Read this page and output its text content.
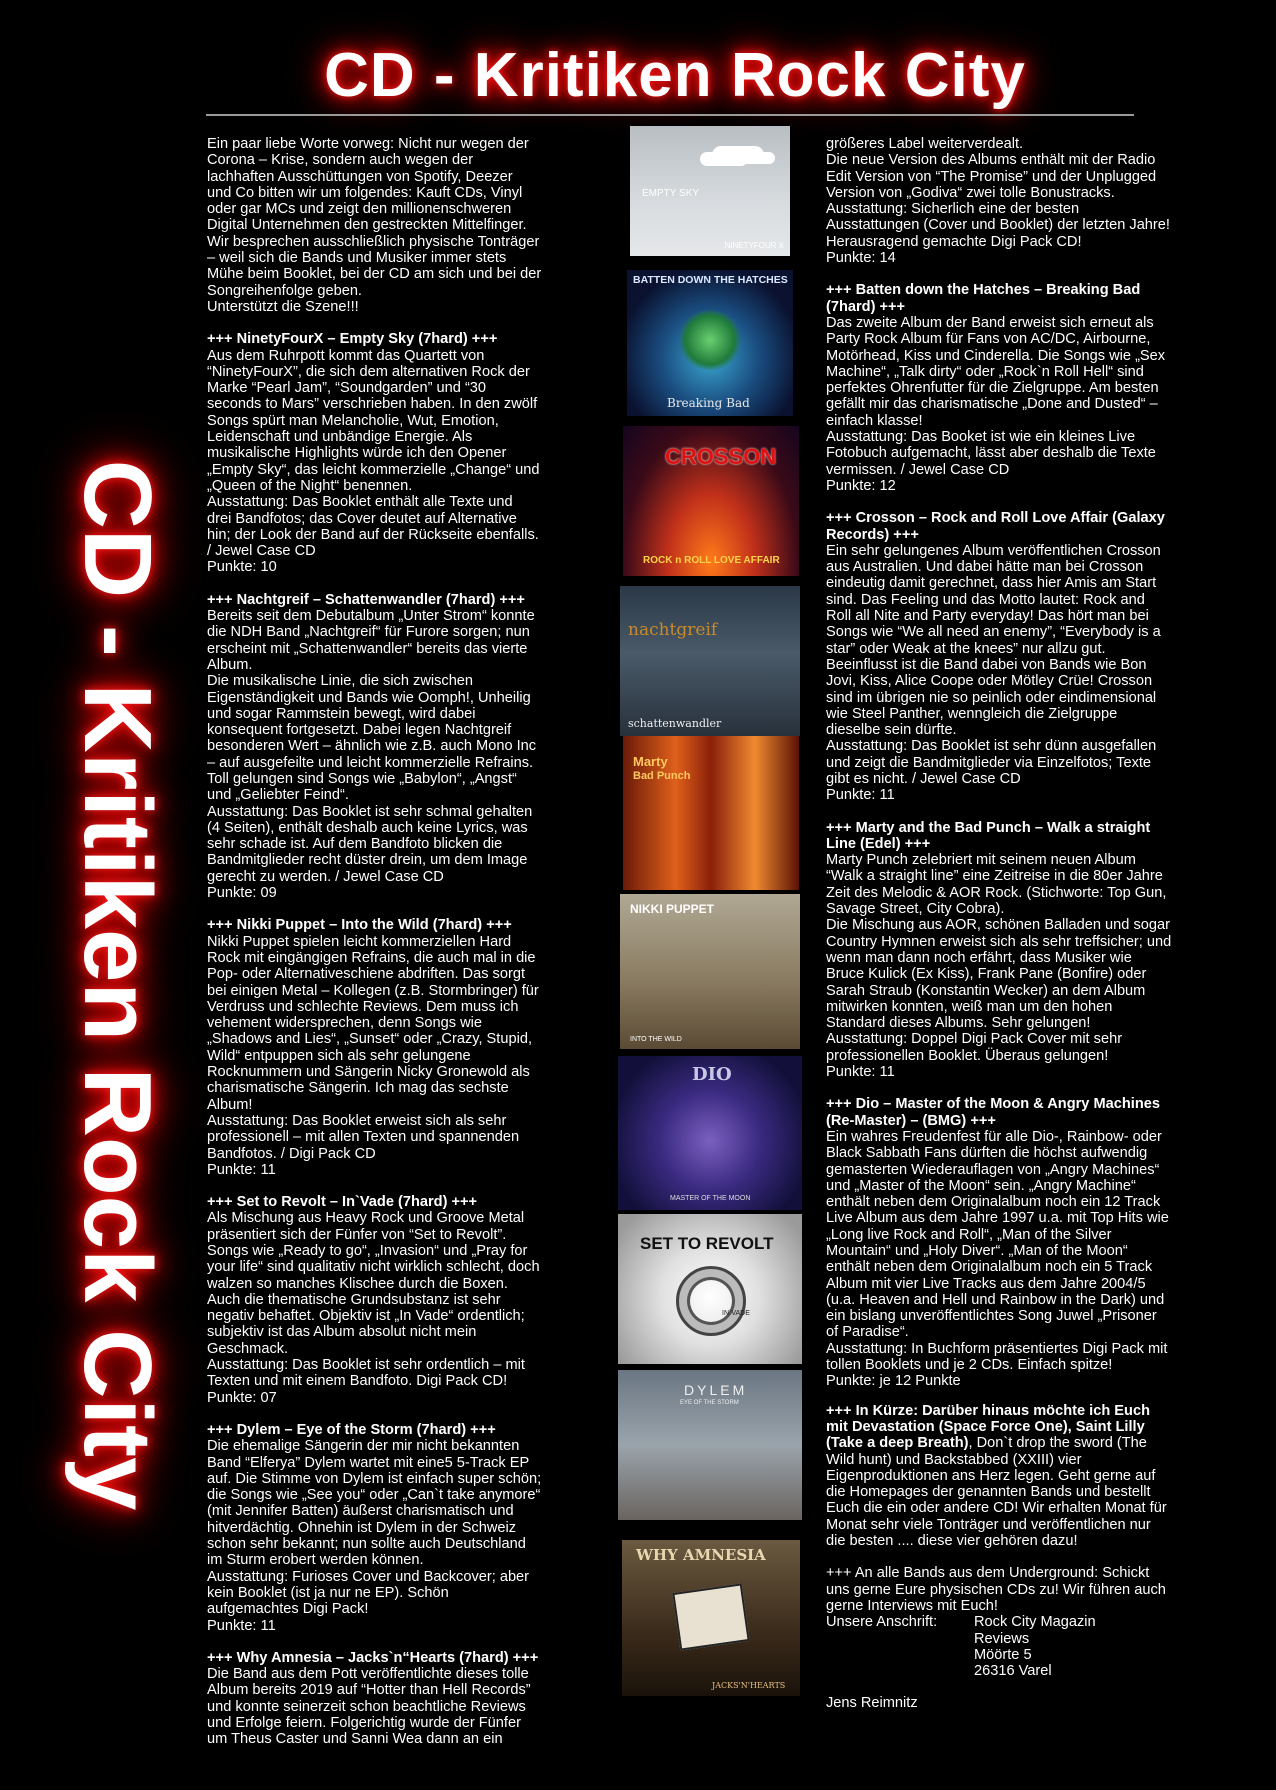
CD - Kritiken Rock City
CD - Kritiken Rock City

Ein paar liebe Worte vorweg: Nicht nur wegen der
Corona – Krise, sondern auch wegen der
lachhaften Ausschüttungen von Spotify, Deezer
und Co bitten wir um folgendes: Kauft CDs, Vinyl
oder gar MCs und zeigt den millionenschweren
Digital Unternehmen den gestreckten Mittelfinger.
Wir besprechen ausschließlich physische Tonträger
– weil sich die Bands und Musiker immer stets
Mühe beim Booklet, bei der CD am sich und bei der
Songreihenfolge geben.
Unterstützt die Szene!!!

+++ NinetyFourX – Empty Sky (7hard) +++
Aus dem Ruhrpott kommt das Quartett von
“NinetyFourX”, die sich dem alternativen Rock der
Marke “Pearl Jam”, “Soundgarden” und “30
seconds to Mars” verschrieben haben. In den zwölf
Songs spürt man Melancholie, Wut, Emotion,
Leidenschaft und unbändige Energie. Als
musikalische Highlights würde ich den Opener
„Empty Sky“, das leicht kommerzielle „Change“ und
„Queen of the Night“ benennen.
Ausstattung: Das Booklet enthält alle Texte und
drei Bandfotos; das Cover deutet auf Alternative
hin; der Look der Band auf der Rückseite ebenfalls.
/ Jewel Case CD
Punkte: 10

+++ Nachtgreif – Schattenwandler (7hard) +++
Bereits seit dem Debutalbum „Unter Strom“ konnte
die NDH Band „Nachtgreif“ für Furore sorgen; nun
erscheint mit „Schattenwandler“ bereits das vierte
Album.
Die musikalische Linie, die sich zwischen
Eigenständigkeit und Bands wie Oomph!, Unheilig
und sogar Rammstein bewegt, wird dabei
konsequent fortgesetzt. Dabei legen Nachtgreif
besonderen Wert – ähnlich wie z.B. auch Mono Inc
– auf ausgefeilte und leicht kommerzielle Refrains.
Toll gelungen sind Songs wie „Babylon“, „Angst“
und „Geliebter Feind“.
Ausstattung: Das Booklet ist sehr schmal gehalten
(4 Seiten), enthält deshalb auch keine Lyrics, was
sehr schade ist. Auf dem Bandfoto blicken die
Bandmitglieder recht düster drein, um dem Image
gerecht zu werden. / Jewel Case CD
Punkte: 09

+++ Nikki Puppet – Into the Wild (7hard) +++
Nikki Puppet spielen leicht kommerziellen Hard
Rock mit eingängigen Refrains, die auch mal in die
Pop- oder Alternativeschiene abdriften. Das sorgt
bei einigen Metal – Kollegen (z.B. Stormbringer) für
Verdruss und schlechte Reviews. Dem muss ich
vehement widersprechen, denn Songs wie
„Shadows and Lies“, „Sunset“ oder „Crazy, Stupid,
Wild“ entpuppen sich als sehr gelungene
Rocknummern und Sängerin Nicky Gronewold als
charismatische Sängerin. Ich mag das sechste
Album!
Ausstattung: Das Booklet erweist sich als sehr
professionell – mit allen Texten und spannenden
Bandfotos. / Digi Pack CD
Punkte: 11

+++ Set to Revolt – In`Vade (7hard) +++
Als Mischung aus Heavy Rock und Groove Metal
präsentiert sich der Fünfer von “Set to Revolt”.
Songs wie „Ready to go“, „Invasion“ und „Pray for
your life“ sind qualitativ nicht wirklich schlecht, doch
walzen so manches Klischee durch die Boxen.
Auch die thematische Grundsubstanz ist sehr
negativ behaftet. Objektiv ist „In Vade“ ordentlich;
subjektiv ist das Album absolut nicht mein
Geschmack.
Ausstattung: Das Booklet ist sehr ordentlich – mit
Texten und mit einem Bandfoto. Digi Pack CD!
Punkte: 07

+++ Dylem – Eye of the Storm (7hard) +++
Die ehemalige Sängerin der mir nicht bekannten
Band “Elferya” Dylem wartet mit eine5 5-Track EP
auf. Die Stimme von Dylem ist einfach super schön;
die Songs wie „See you“ oder „Can`t take anymore“
(mit Jennifer Batten) äußerst charismatisch und
hitverdächtig. Ohnehin ist Dylem in der Schweiz
schon sehr bekannt; nun sollte auch Deutschland
im Sturm erobert werden können.
Ausstattung: Furioses Cover und Backcover; aber
kein Booklet (ist ja nur ne EP). Schön
aufgemachtes Digi Pack!
Punkte: 11

+++ Why Amnesia – Jacks`n“Hearts (7hard) +++
Die Band aus dem Pott veröffentlichte dieses tolle
Album bereits 2019 auf “Hotter than Hell Records”
und konnte seinerzeit schon beachtliche Reviews
und Erfolge feiern. Folgerichtig wurde der Fünfer
um Theus Caster und Sanni Wea dann an ein

EMPTY SKY
NINETYFOUR X
BATTEN DOWN THE HATCHES
Breaking Bad
CROSSON
ROCK n ROLL LOVE AFFAIR
nachtgreif
schattenwandler
Marty
Bad Punch
NIKKI PUPPET
INTO THE WILD
DIO
MASTER OF THE MOON
SET TO REVOLT
IN`VADE
DYLEM
EYE OF THE STORM
WHY AMNESIA
JACKS'N'HEARTS

größeres Label weiterverdealt.
Die neue Version des Albums enthält mit der Radio
Edit Version von “The Promise” und der Unplugged
Version von „Godiva“ zwei tolle Bonustracks.
Ausstattung: Sicherlich eine der besten
Ausstattungen (Cover und Booklet) der letzten Jahre!
Herausragend gemachte Digi Pack CD!
Punkte: 14

+++ Batten down the Hatches – Breaking Bad
(7hard) +++
Das zweite Album der Band erweist sich erneut als
Party Rock Album für Fans von AC/DC, Airbourne,
Motörhead, Kiss und Cinderella. Die Songs wie „Sex
Machine“, „Talk dirty“ oder „Rock`n Roll Hell“ sind
perfektes Ohrenfutter für die Zielgruppe. Am besten
gefällt mir das charismatische „Done and Dusted“ –
einfach klasse!
Ausstattung: Das Booket ist wie ein kleines Live
Fotobuch aufgemacht, lässt aber deshalb die Texte
vermissen. / Jewel Case CD
Punkte: 12

+++ Crosson – Rock and Roll Love Affair (Galaxy
Records) +++
Ein sehr gelungenes Album veröffentlichen Crosson
aus Australien. Und dabei hätte man bei Crosson
eindeutig damit gerechnet, dass hier Amis am Start
sind. Das Feeling und das Motto lautet: Rock and
Roll all Nite and Party everyday! Das hört man bei
Songs wie “We all need an enemy”, “Everybody is a
star” oder Weak at the knees” nur allzu gut.
Beeinflusst ist die Band dabei von Bands wie Bon
Jovi, Kiss, Alice Coope oder Mötley Crüe! Crosson
sind im übrigen nie so peinlich oder eindimensional
wie Steel Panther, wenngleich die Zielgruppe
dieselbe sein dürfte.
Ausstattung: Das Booklet ist sehr dünn ausgefallen
und zeigt die Bandmitglieder via Einzelfotos; Texte
gibt es nicht. / Jewel Case CD
Punkte: 11

+++ Marty and the Bad Punch – Walk a straight
Line (Edel) +++
Marty Punch zelebriert mit seinem neuen Album
“Walk a straight line” eine Zeitreise in die 80er Jahre
Zeit des Melodic & AOR Rock. (Stichworte: Top Gun,
Savage Street, City Cobra).
Die Mischung aus AOR, schönen Balladen und sogar
Country Hymnen erweist sich als sehr treffsicher; und
wenn man dann noch erfährt, dass Musiker wie
Bruce Kulick (Ex Kiss), Frank Pane (Bonfire) oder
Sarah Straub (Konstantin Wecker) an dem Album
mitwirken konnten, weiß man um den hohen
Standard dieses Albums. Sehr gelungen!
Ausstattung: Doppel Digi Pack Cover mit sehr
professionellen Booklet. Überaus gelungen!
Punkte: 11

+++ Dio – Master of the Moon & Angry Machines
(Re-Master) – (BMG) +++
Ein wahres Freudenfest für alle Dio-, Rainbow- oder
Black Sabbath Fans dürften die höchst aufwendig
gemasterten Wiederauflagen von „Angry Machines“
und „Master of the Moon“ sein. „Angry Machine“
enthält neben dem Originalalbum noch ein 12 Track
Live Album aus dem Jahre 1997 u.a. mit Top Hits wie
„Long live Rock and Roll“, „Man of the Silver
Mountain“ und „Holy Diver“. „Man of the Moon“
enthält neben dem Originalalbum noch ein 5 Track
Album mit vier Live Tracks aus dem Jahre 2004/5
(u.a. Heaven and Hell und Rainbow in the Dark) und
ein bislang unveröffentlichtes Song Juwel „Prisoner
of Paradise“.
Ausstattung: In Buchform präsentiertes Digi Pack mit
tollen Booklets und je 2 CDs. Einfach spitze!
Punkte: je 12 Punkte

+++ In Kürze: Darüber hinaus möchte ich Euch
mit Devastation (Space Force One), Saint Lilly
(Take a deep Breath), Don`t drop the sword (The
Wild hunt) und Backstabbed (XXIII) vier
Eigenproduktionen ans Herz legen. Geht gerne auf
die Homepages der genannten Bands und bestellt
Euch die ein oder andere CD! Wir erhalten Monat für
Monat sehr viele Tonträger und veröffentlichen nur
die besten .... diese vier gehören dazu!

+++ An alle Bands aus dem Underground: Schickt
uns gerne Eure physischen CDs zu! Wir führen auch
gerne Interviews mit Euch!

Unsere Anschrift:	Rock City Magazin
Reviews
Möörte 5
26316 Varel

Jens Reimnitz
